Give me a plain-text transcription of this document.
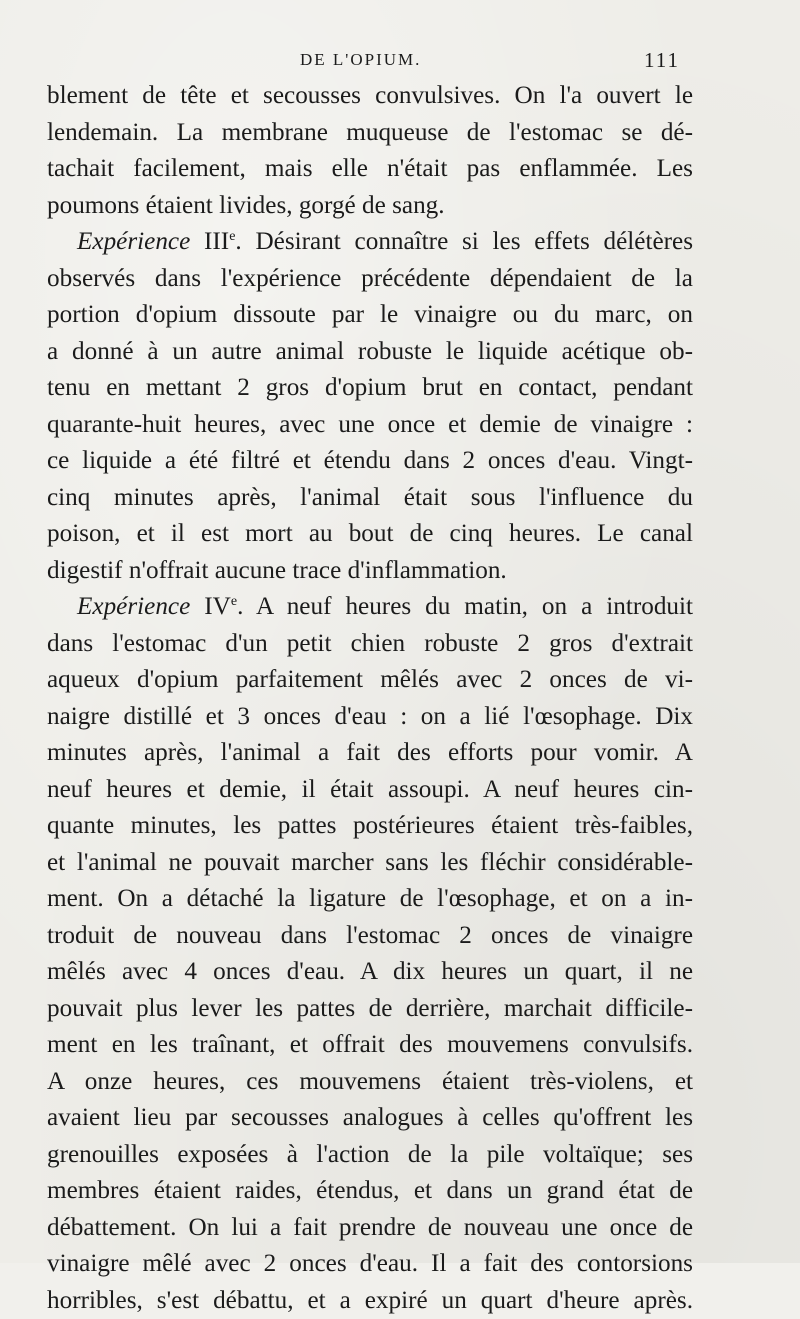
DE L'OPIUM.	111
blement de tête et secousses convulsives. On l'a ouvert le
lendemain. La membrane muqueuse de l'estomac se dé-
tachait facilement, mais elle n'était pas enflammée. Les
poumons étaient livides, gorgé de sang.
Expérience IIIe. Désirant connaître si les effets délétères
observés dans l'expérience précédente dépendaient de la
portion d'opium dissoute par le vinaigre ou du marc, on
a donné à un autre animal robuste le liquide acétique ob-
tenu en mettant 2 gros d'opium brut en contact, pendant
quarante-huit heures, avec une once et demie de vinaigre :
ce liquide a été filtré et étendu dans 2 onces d'eau. Vingt-
cinq minutes après, l'animal était sous l'influence du
poison, et il est mort au bout de cinq heures. Le canal
digestif n'offrait aucune trace d'inflammation.
Expérience IVe. A neuf heures du matin, on a introduit
dans l'estomac d'un petit chien robuste 2 gros d'extrait
aqueux d'opium parfaitement mêlés avec 2 onces de vi-
naigre distillé et 3 onces d'eau : on a lié l'œsophage. Dix
minutes après, l'animal a fait des efforts pour vomir. A
neuf heures et demie, il était assoupi. A neuf heures cin-
quante minutes, les pattes postérieures étaient très-faibles,
et l'animal ne pouvait marcher sans les fléchir considérable-
ment. On a détaché la ligature de l'œsophage, et on a in-
troduit de nouveau dans l'estomac 2 onces de vinaigre
mêlés avec 4 onces d'eau. A dix heures un quart, il ne
pouvait plus lever les pattes de derrière, marchait difficile-
ment en les traînant, et offrait des mouvemens convulsifs.
A onze heures, ces mouvemens étaient très-violens, et
avaient lieu par secousses analogues à celles qu'offrent les
grenouilles exposées à l'action de la pile voltaïque; ses
membres étaient raides, étendus, et dans un grand état de
débattement. On lui a fait prendre de nouveau une once de
vinaigre mêlé avec 2 onces d'eau. Il a fait des contorsions
horribles, s'est débattu, et a expiré un quart d'heure après.
